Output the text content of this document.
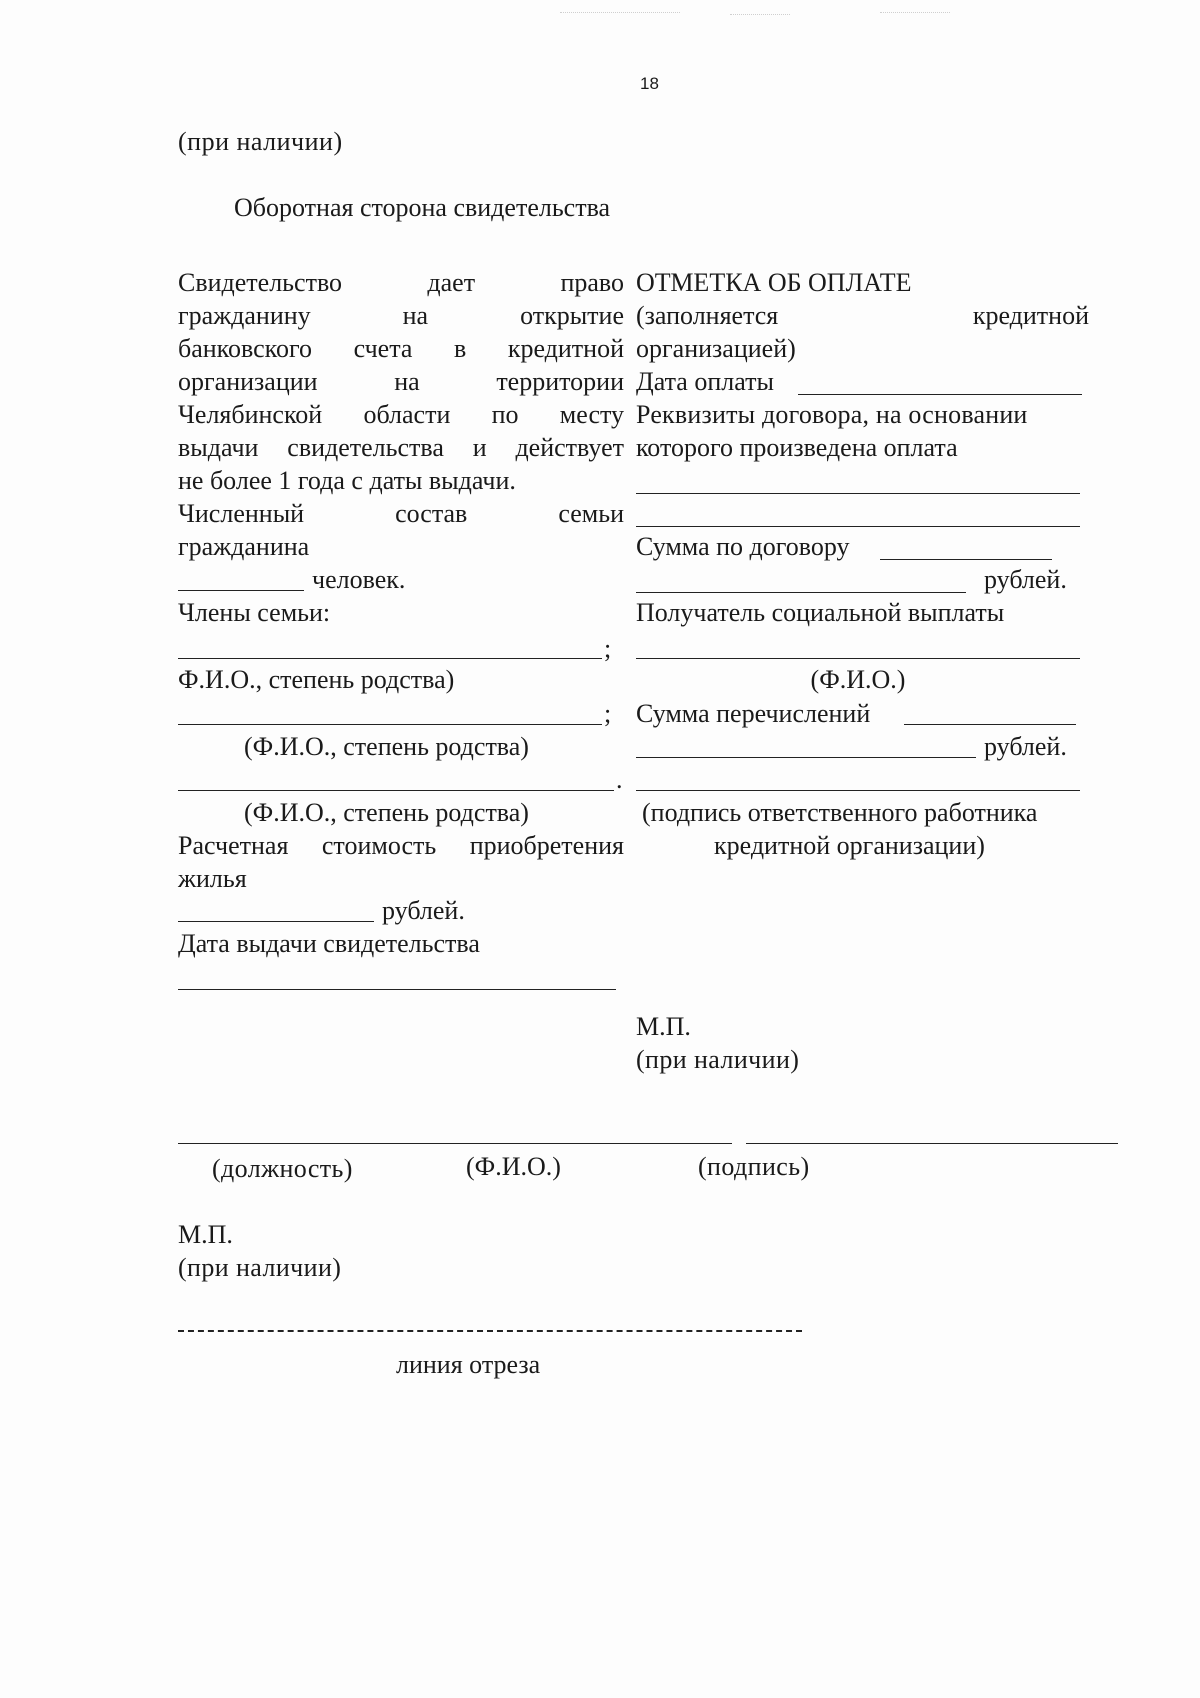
18
(при наличии)
Оборотная сторона свидетельства
Свидетельство	дает	право
гражданину	на	открытие
банковского счета в кредитной
организации	на	территории
Челябинской области по месту
выдачи свидетельства и действует
не более 1 года с даты выдачи.
Численный	состав	семьи
гражданина
человек.
Члены семьи:
;
Ф.И.О., степень родства)
;
(Ф.И.О., степень родства)
.
(Ф.И.О., степень родства)
Расчетная стоимость приобретения
жилья
рублей.
Дата выдачи свидетельства
ОТМЕТКА ОБ ОПЛАТЕ
(заполняется	кредитной
организацией)
Дата оплаты
Реквизиты договора, на основании
которого произведена оплата
Сумма по договору
рублей.
Получатель социальной выплаты
(Ф.И.О.)
Сумма перечислений
рублей.
(подпись ответственного работника
кредитной организации)
М.П.
(при наличии)
(должность)	(Ф.И.О.)	(подпись)
М.П.
(при наличии)
линия отреза
